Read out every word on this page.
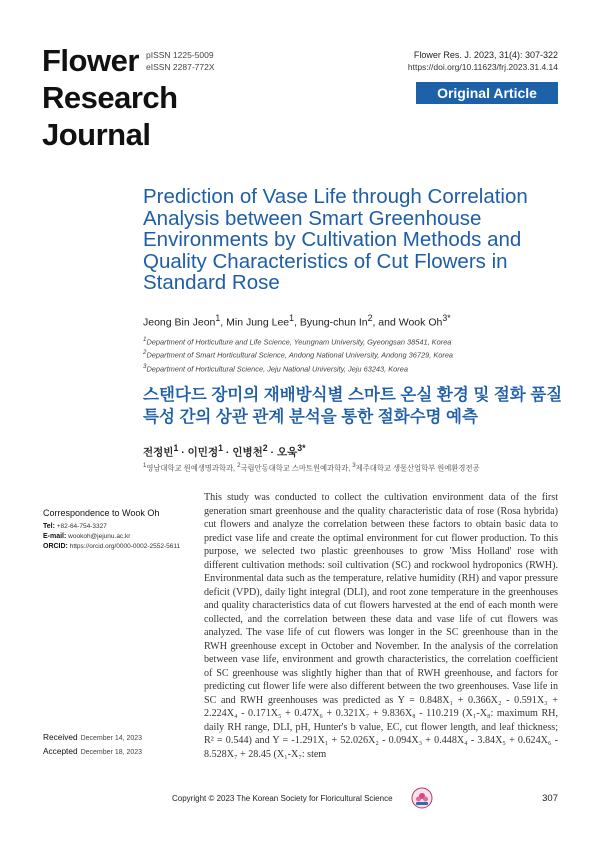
Flower
Research
Journal
pISSN 1225-5009
eISSN 2287-772X
Flower Res. J. 2023, 31(4): 307-322
https://doi.org/10.11623/frj.2023.31.4.14
Original Article
Prediction of Vase Life through Correlation Analysis between Smart Greenhouse Environments by Cultivation Methods and Quality Characteristics of Cut Flowers in Standard Rose
Jeong Bin Jeon$^1$, Min Jung Lee$^1$, Byung-chun In$^2$, and Wook $Oh^{3*}$
$^1$Department of Horticulture and Life Science, Yeungnam University, Gyeongsan 38541, Korea
$^2$Department of Smart Horticultural Science, Andong National University, Andong 36729, Korea
$^3$Department of Horticultural Science, Jeju National University, Jeju 63243, Korea
스탠다드 장미의 재배방식별 스마트 온실 환경 및 절화 품질 특성 간의 상관 관계 분석을 통한 절화수명 예측
전정빈$^1$ · 이민정$^1$ · 인병천$^2$ · 오욱$^{3*}$
$^1$영남대학교 원예생명과학과, $^2$국립안동대학교 스마트원예과학과, $^3$제주대학교 생물산업학부 원예환경전공
Correspondence to Wook Oh
Tel: +82-64-754-3327
E-mail: wookoh@jejunu.ac.kr
ORCID: https://orcid.org/0000-0002-2552-5611
Received December 14, 2023
Accepted December 18, 2023

This study was conducted to collect the cultivation environment data of the first generation smart greenhouse and the quality characteristic data of rose (Rosa hybrida) cut flowers and analyze the correlation between these factors to obtain basic data to predict vase life and create the optimal environment for cut flower production. To this purpose, we selected two plastic greenhouses to grow 'Miss Holland' rose with different cultivation methods: soil cultivation (SC) and rockwool hydroponics (RWH). Environmental data such as the temperature, relative humidity (RH) and vapor pressure deficit (VPD), daily light integral (DLI), and root zone temperature in the greenhouses and quality characteristics data of cut flowers harvested at the end of each month were collected, and the correlation between these data and vase life of cut flowers was analyzed. The vase life of cut flowers was longer in the SC greenhouse than in the RWH greenhouse except in October and November. In the analysis of the correlation between vase life, environment and growth characteristics, the correlation coefficient of SC greenhouse was slightly higher than that of RWH greenhouse, and factors for predicting cut flower life were also different between the two greenhouses. Vase life in SC and RWH greenhouses was predicted as Y = 0.848X₁ + 0.366X₂ - 0.591X₃ + 2.224X₄ - 0.171X₅ + 0.47X₆ + 0.321X₇ + 9.836X₈ - 110.219 (X₁-X₈: maximum RH, daily RH range, DLI, pH, Hunter's b value, EC, cut flower length, and leaf thickness; R² = 0.544) and Y = -1.291X₁ + 52.026X₂ - 0.094X₃ + 0.448X₄ - 3.84X₅ + 0.624X₆ - 8.528X₇ + 28.45 (X₁-X₇: stem

Copyright © 2023 The Korean Society for Floricultural Science	307
